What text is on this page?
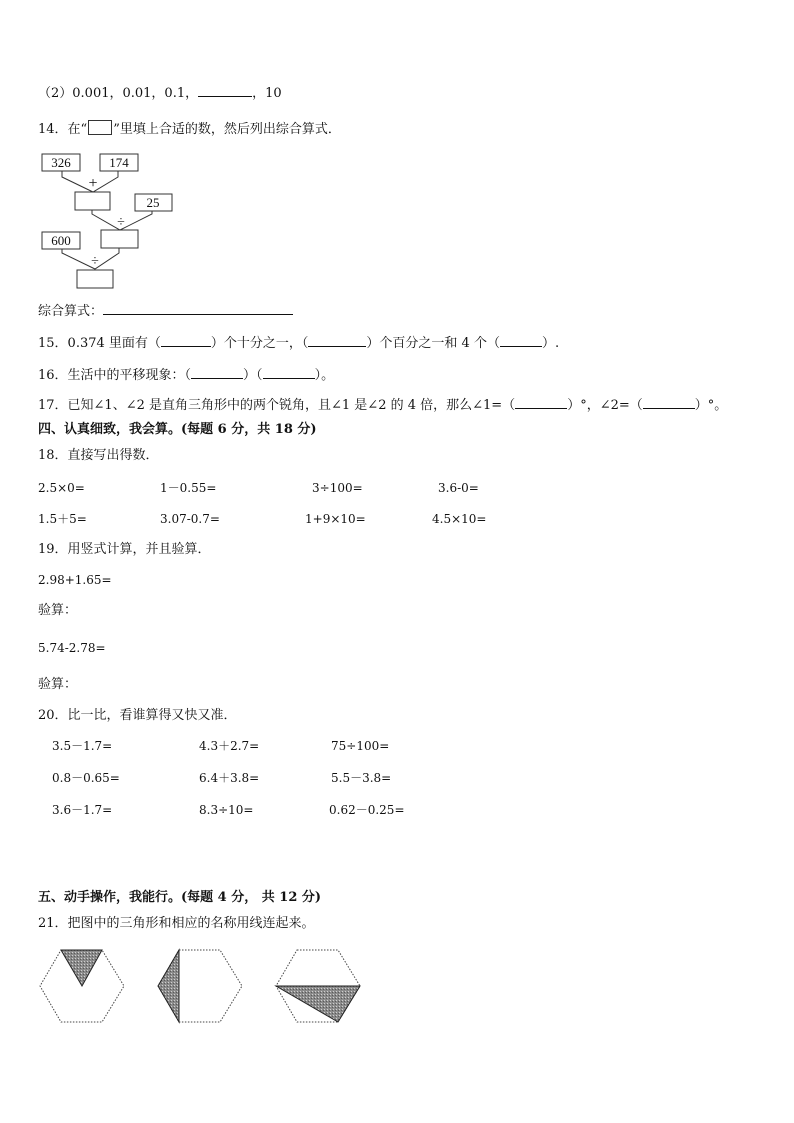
（2）0.001，0.01，0.1，	，10
14．在“ ”里填上合适的数，然后列出综合算式．
326	174
+
25
÷
600
÷
综合算式：
15．0.374 里面有（	）个十分之一，（	）个百分之一和 4 个（	）.
16．生活中的平移现象：（	）（	）。
17．已知∠1、∠2 是直角三角形中的两个锐角，且∠1 是∠2 的 4 倍，那么∠1=（	）°，∠2=（	）°。
四、认真细致，我会算。(每题 6 分，共 18 分)
18．直接写出得数．
2.5×0=	1－0.55=	3÷100=	3.6-0=
1.5＋5=	3.07-0.7=	1+9×10=	4.5×10=
19．用竖式计算，并且验算．
2.98+1.65=
验算：
5.74-2.78=
验算：
20．比一比，看谁算得又快又准．
3.5－1.7=	4.3＋2.7=	75÷100=
0.8－0.65=	6.4＋3.8=	5.5－3.8=
3.6－1.7=	8.3÷10=	0.62－0.25=
五、动手操作，我能行。(每题 4 分， 共 12 分)
21．把图中的三角形和相应的名称用线连起来。
